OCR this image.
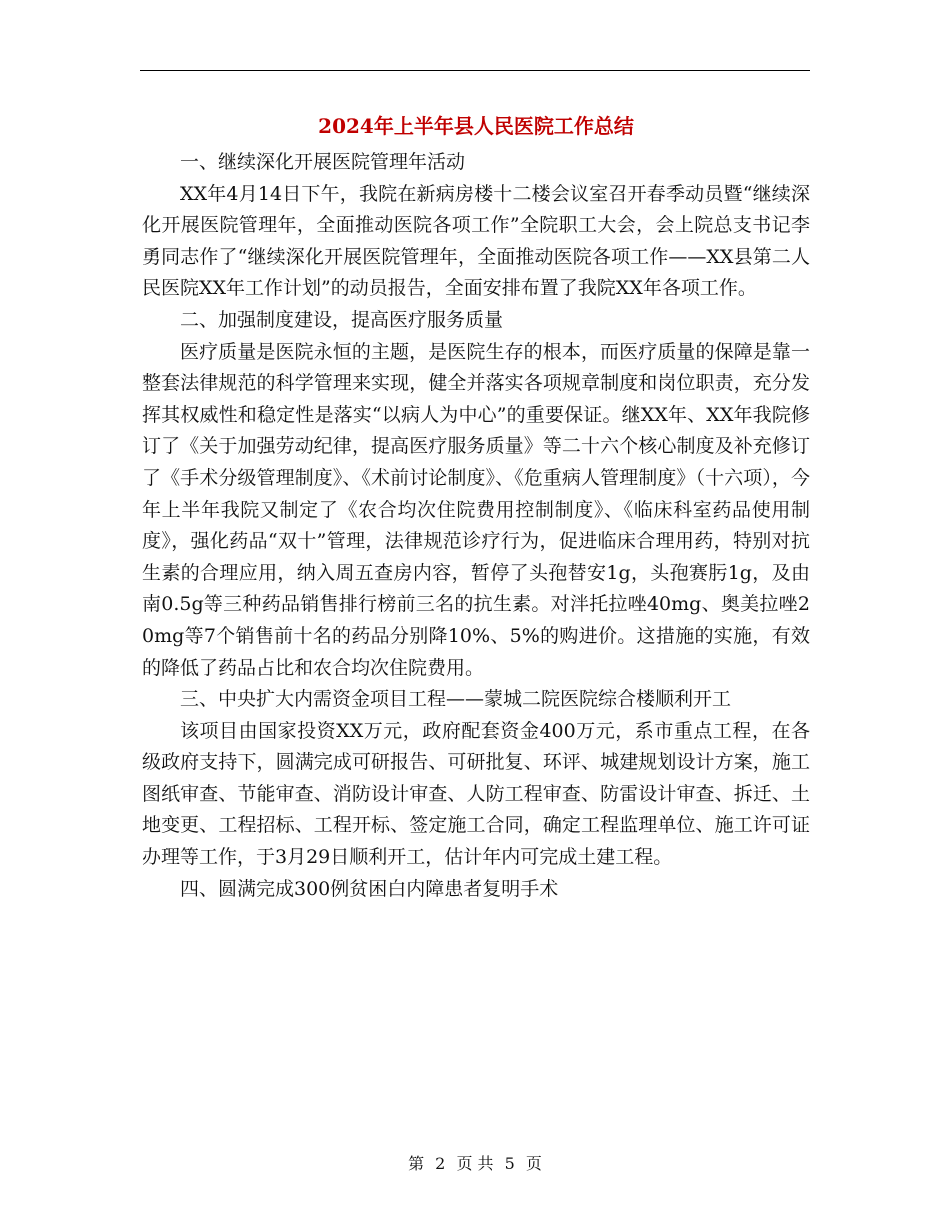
2024年上半年县人民医院工作总结

一、继续深化开展医院管理年活动

XX年4月14日下午，我院在新病房楼十二楼会议室召开春季动员暨“继续深化开展医院管理年，全面推动医院各项工作”全院职工大会，会上院总支书记李勇同志作了“继续深化开展医院管理年，全面推动医院各项工作——XX县第二人民医院XX年工作计划”的动员报告，全面安排布置了我院XX年各项工作。

二、加强制度建设，提高医疗服务质量

医疗质量是医院永恒的主题，是医院生存的根本，而医疗质量的保障是靠一整套法律规范的科学管理来实现，健全并落实各项规章制度和岗位职责，充分发挥其权威性和稳定性是落实“以病人为中心”的重要保证。继XX年、XX年我院修订了《关于加强劳动纪律，提高医疗服务质量》等二十六个核心制度及补充修订了《手术分级管理制度》、《术前讨论制度》、《危重病人管理制度》（十六项），今年上半年我院又制定了《农合均次住院费用控制制度》、《临床科室药品使用制度》，强化药品“双十”管理，法律规范诊疗行为，促进临床合理用药，特别对抗生素的合理应用，纳入周五查房内容，暂停了头孢替安1g，头孢赛肟1g，及由南0.5g等三种药品销售排行榜前三名的抗生素。对泮托拉唑40mg、奥美拉唑20mg等7个销售前十名的药品分别降10%、5%的购进价。这措施的实施，有效的降低了药品占比和农合均次住院费用。

三、中央扩大内需资金项目工程——蒙城二院医院综合楼顺利开工

该项目由国家投资XX万元，政府配套资金400万元，系市重点工程，在各级政府支持下，圆满完成可研报告、可研批复、环评、城建规划设计方案，施工图纸审查、节能审查、消防设计审查、人防工程审查、防雷设计审查、拆迁、土地变更、工程招标、工程开标、签定施工合同，确定工程监理单位、施工许可证办理等工作，于3月29日顺利开工，估计年内可完成土建工程。

四、圆满完成300例贫困白内障患者复明手术

第 2 页 共 5 页
